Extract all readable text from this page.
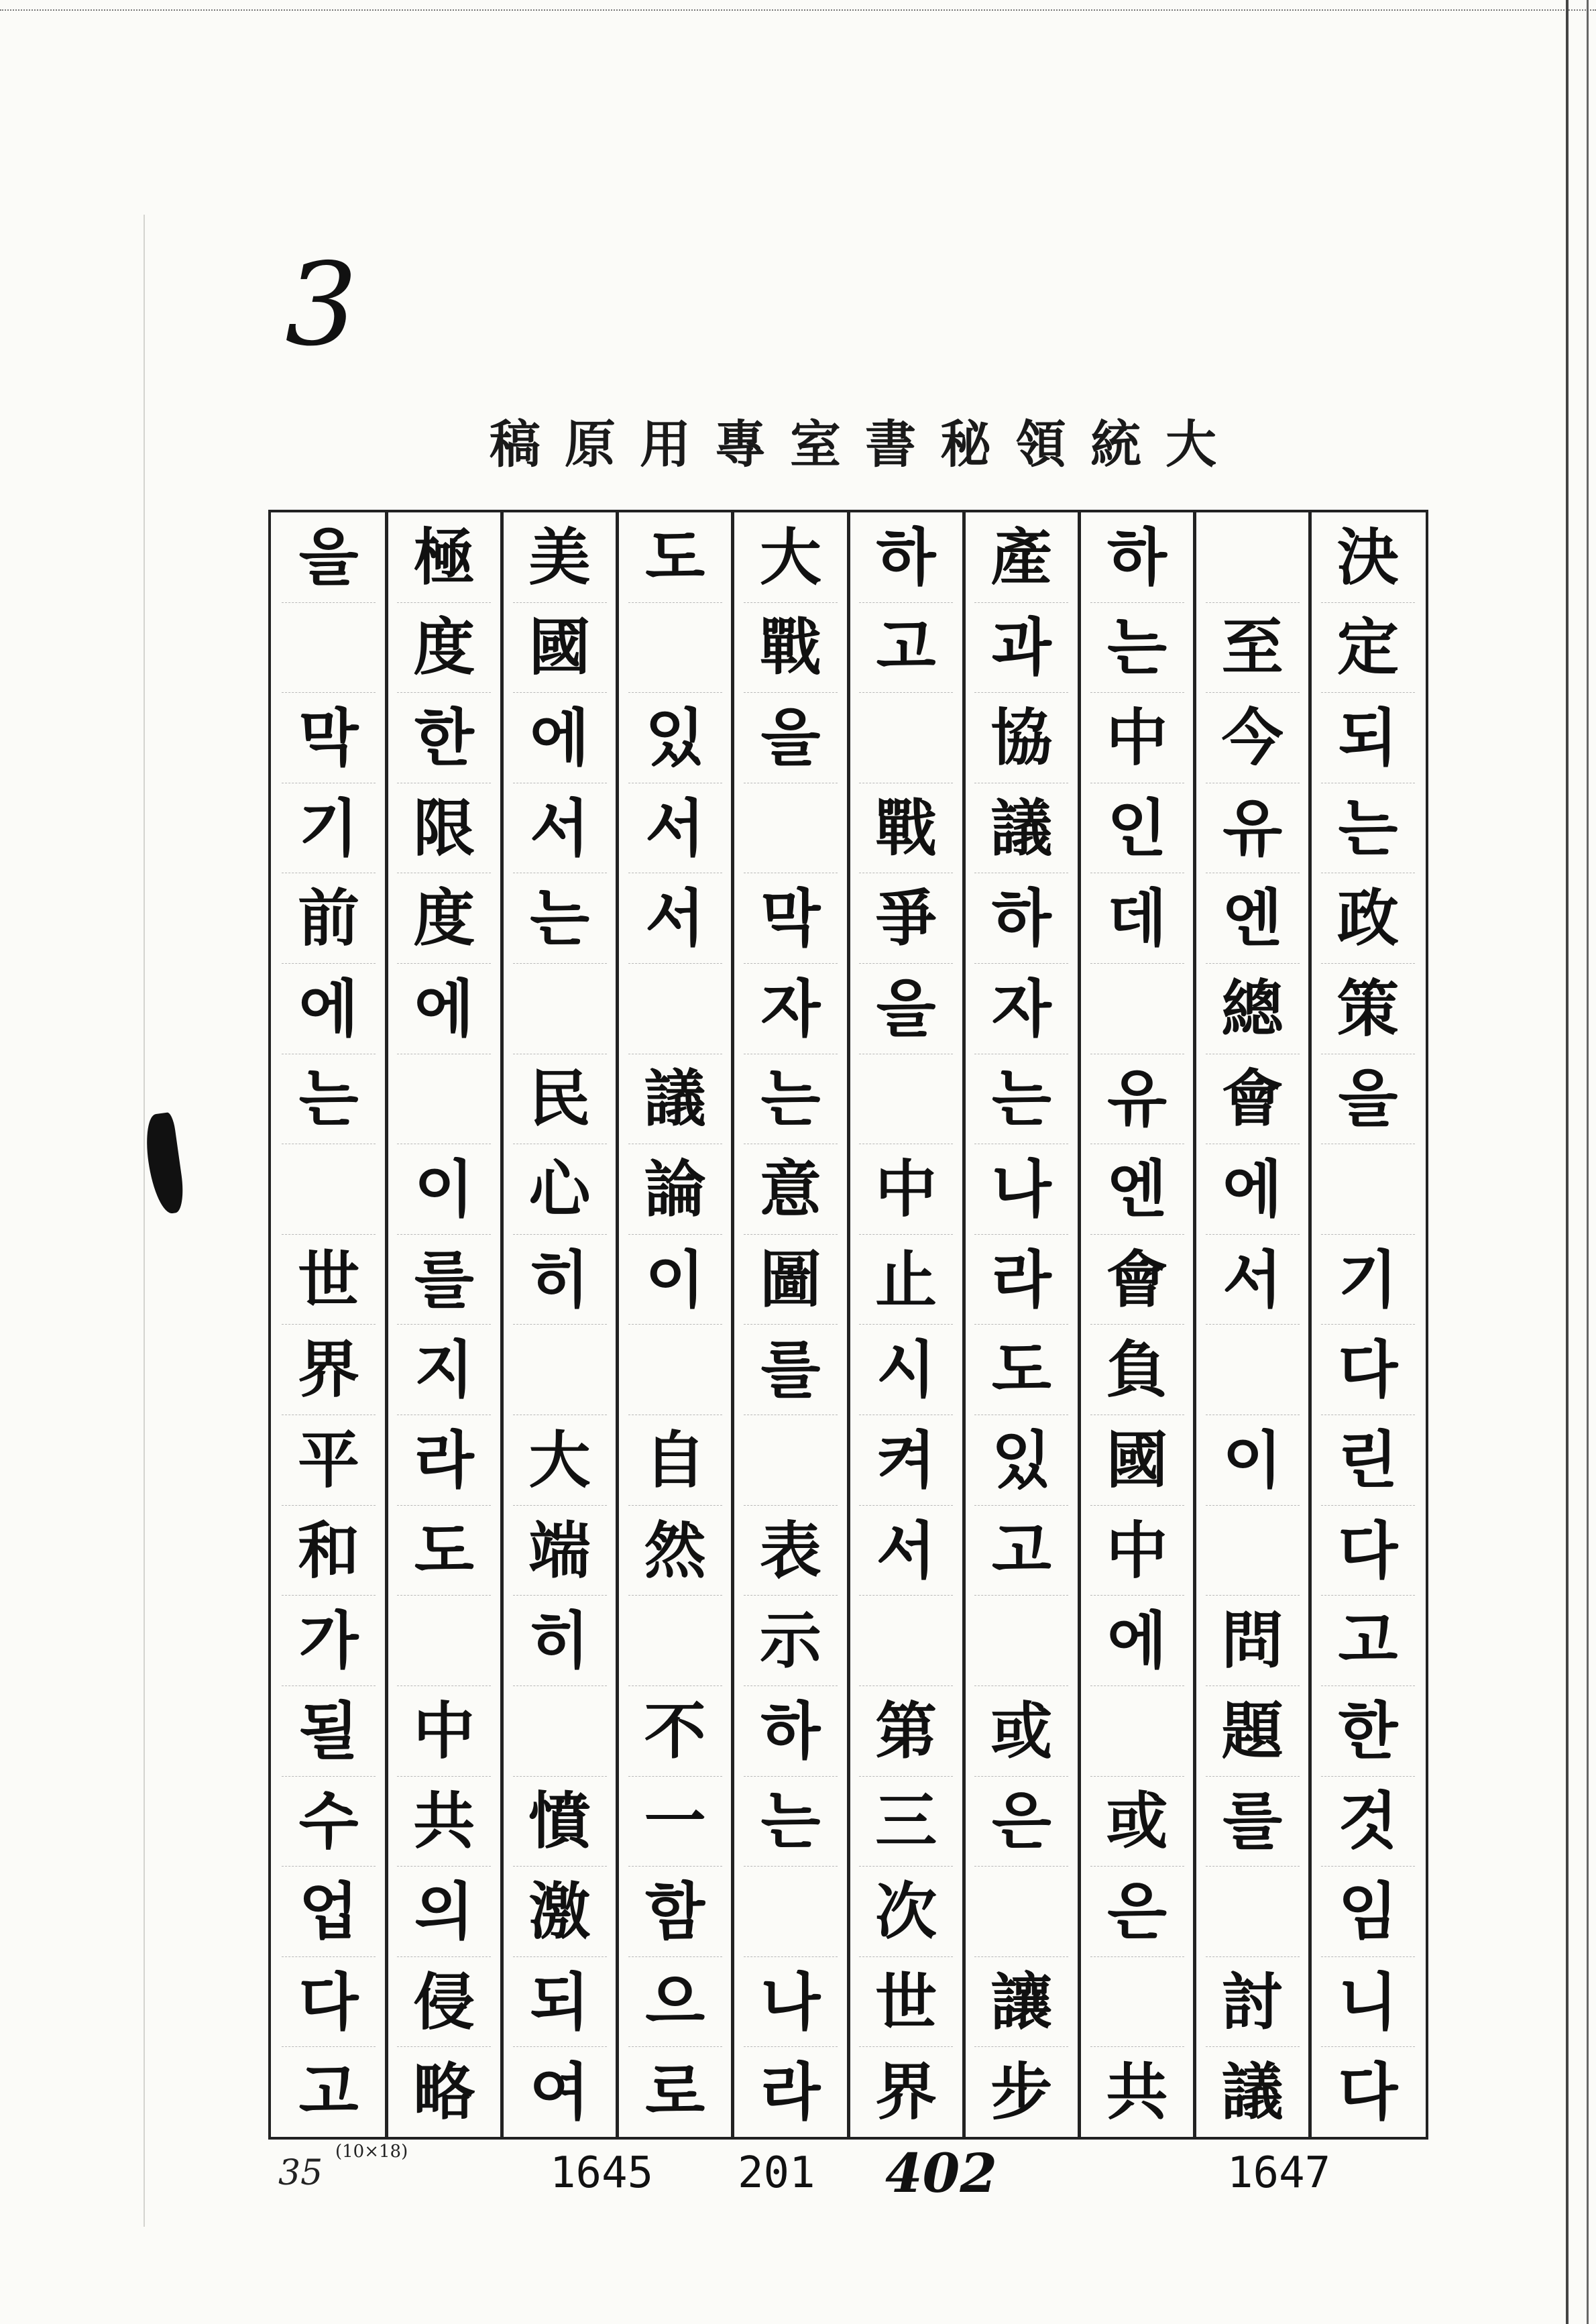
3
稿原用專室書秘領統大
決
定
되
는
政
策
을
기
다
린
다
고
한
것
임
니
다
至
今
유
엔
總
會
에
서
이
問
題
를
討
議
하
는
中
인
데
유
엔
會
負
國
中
에
或
은
共
產
과
協
議
하
자
는
나
라
도
있
고
或
은
讓
步
하
고
戰
爭
을
中
止
시
켜
서
第
三
次
世
界
大
戰
을
막
자
는
意
圖
를
表
示
하
는
나
라
도
있
서
서
議
論
이
自
然
不
一
함
으
로
美
國
에
서
는
民
心
히
大
端
히
憤
激
되
여
極
度
한
限
度
에
이
를
지
라
도
中
共
의
侵
略
을
막
기
前
에
는
世
界
平
和
가
될
수
업
다
고
(10×18)
35	1645 201 402	1647
